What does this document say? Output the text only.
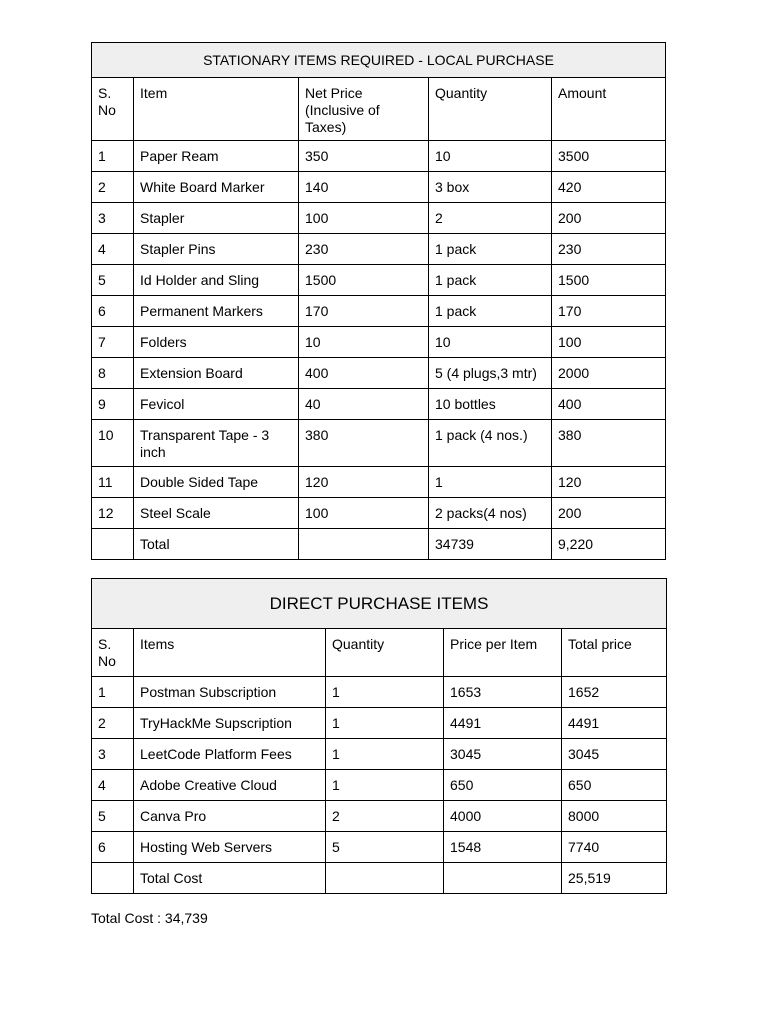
STATIONARY ITEMS REQUIRED - LOCAL PURCHASE				
S. No	Item	Net Price (Inclusive of Taxes)	Quantity	Amount
1	Paper Ream	350	10	3500
2	White Board Marker	140	3 box	420
3	Stapler	100	2	200
4	Stapler Pins	230	1 pack	230
5	Id Holder and Sling	1500	1 pack	1500
6	Permanent Markers	170	1 pack	170
7	Folders	10	10	100
8	Extension Board	400	5 (4 plugs,3 mtr)	2000
9	Fevicol	40	10 bottles	400
10	Transparent Tape - 3 inch	380	1 pack (4 nos.)	380
11	Double Sided Tape	120	1	120
12	Steel Scale	100	2 packs(4 nos)	200
	Total		34739	9,220
DIRECT PURCHASE ITEMS				
S. No	Items	Quantity	Price per Item	Total price
1	Postman Subscription	1	1653	1652
2	TryHackMe Supscription	1	4491	4491
3	LeetCode Platform Fees	1	3045	3045
4	Adobe Creative Cloud	1	650	650
5	Canva Pro	2	4000	8000
6	Hosting Web Servers	5	1548	7740
	Total Cost			25,519
Total Cost : 34,739
